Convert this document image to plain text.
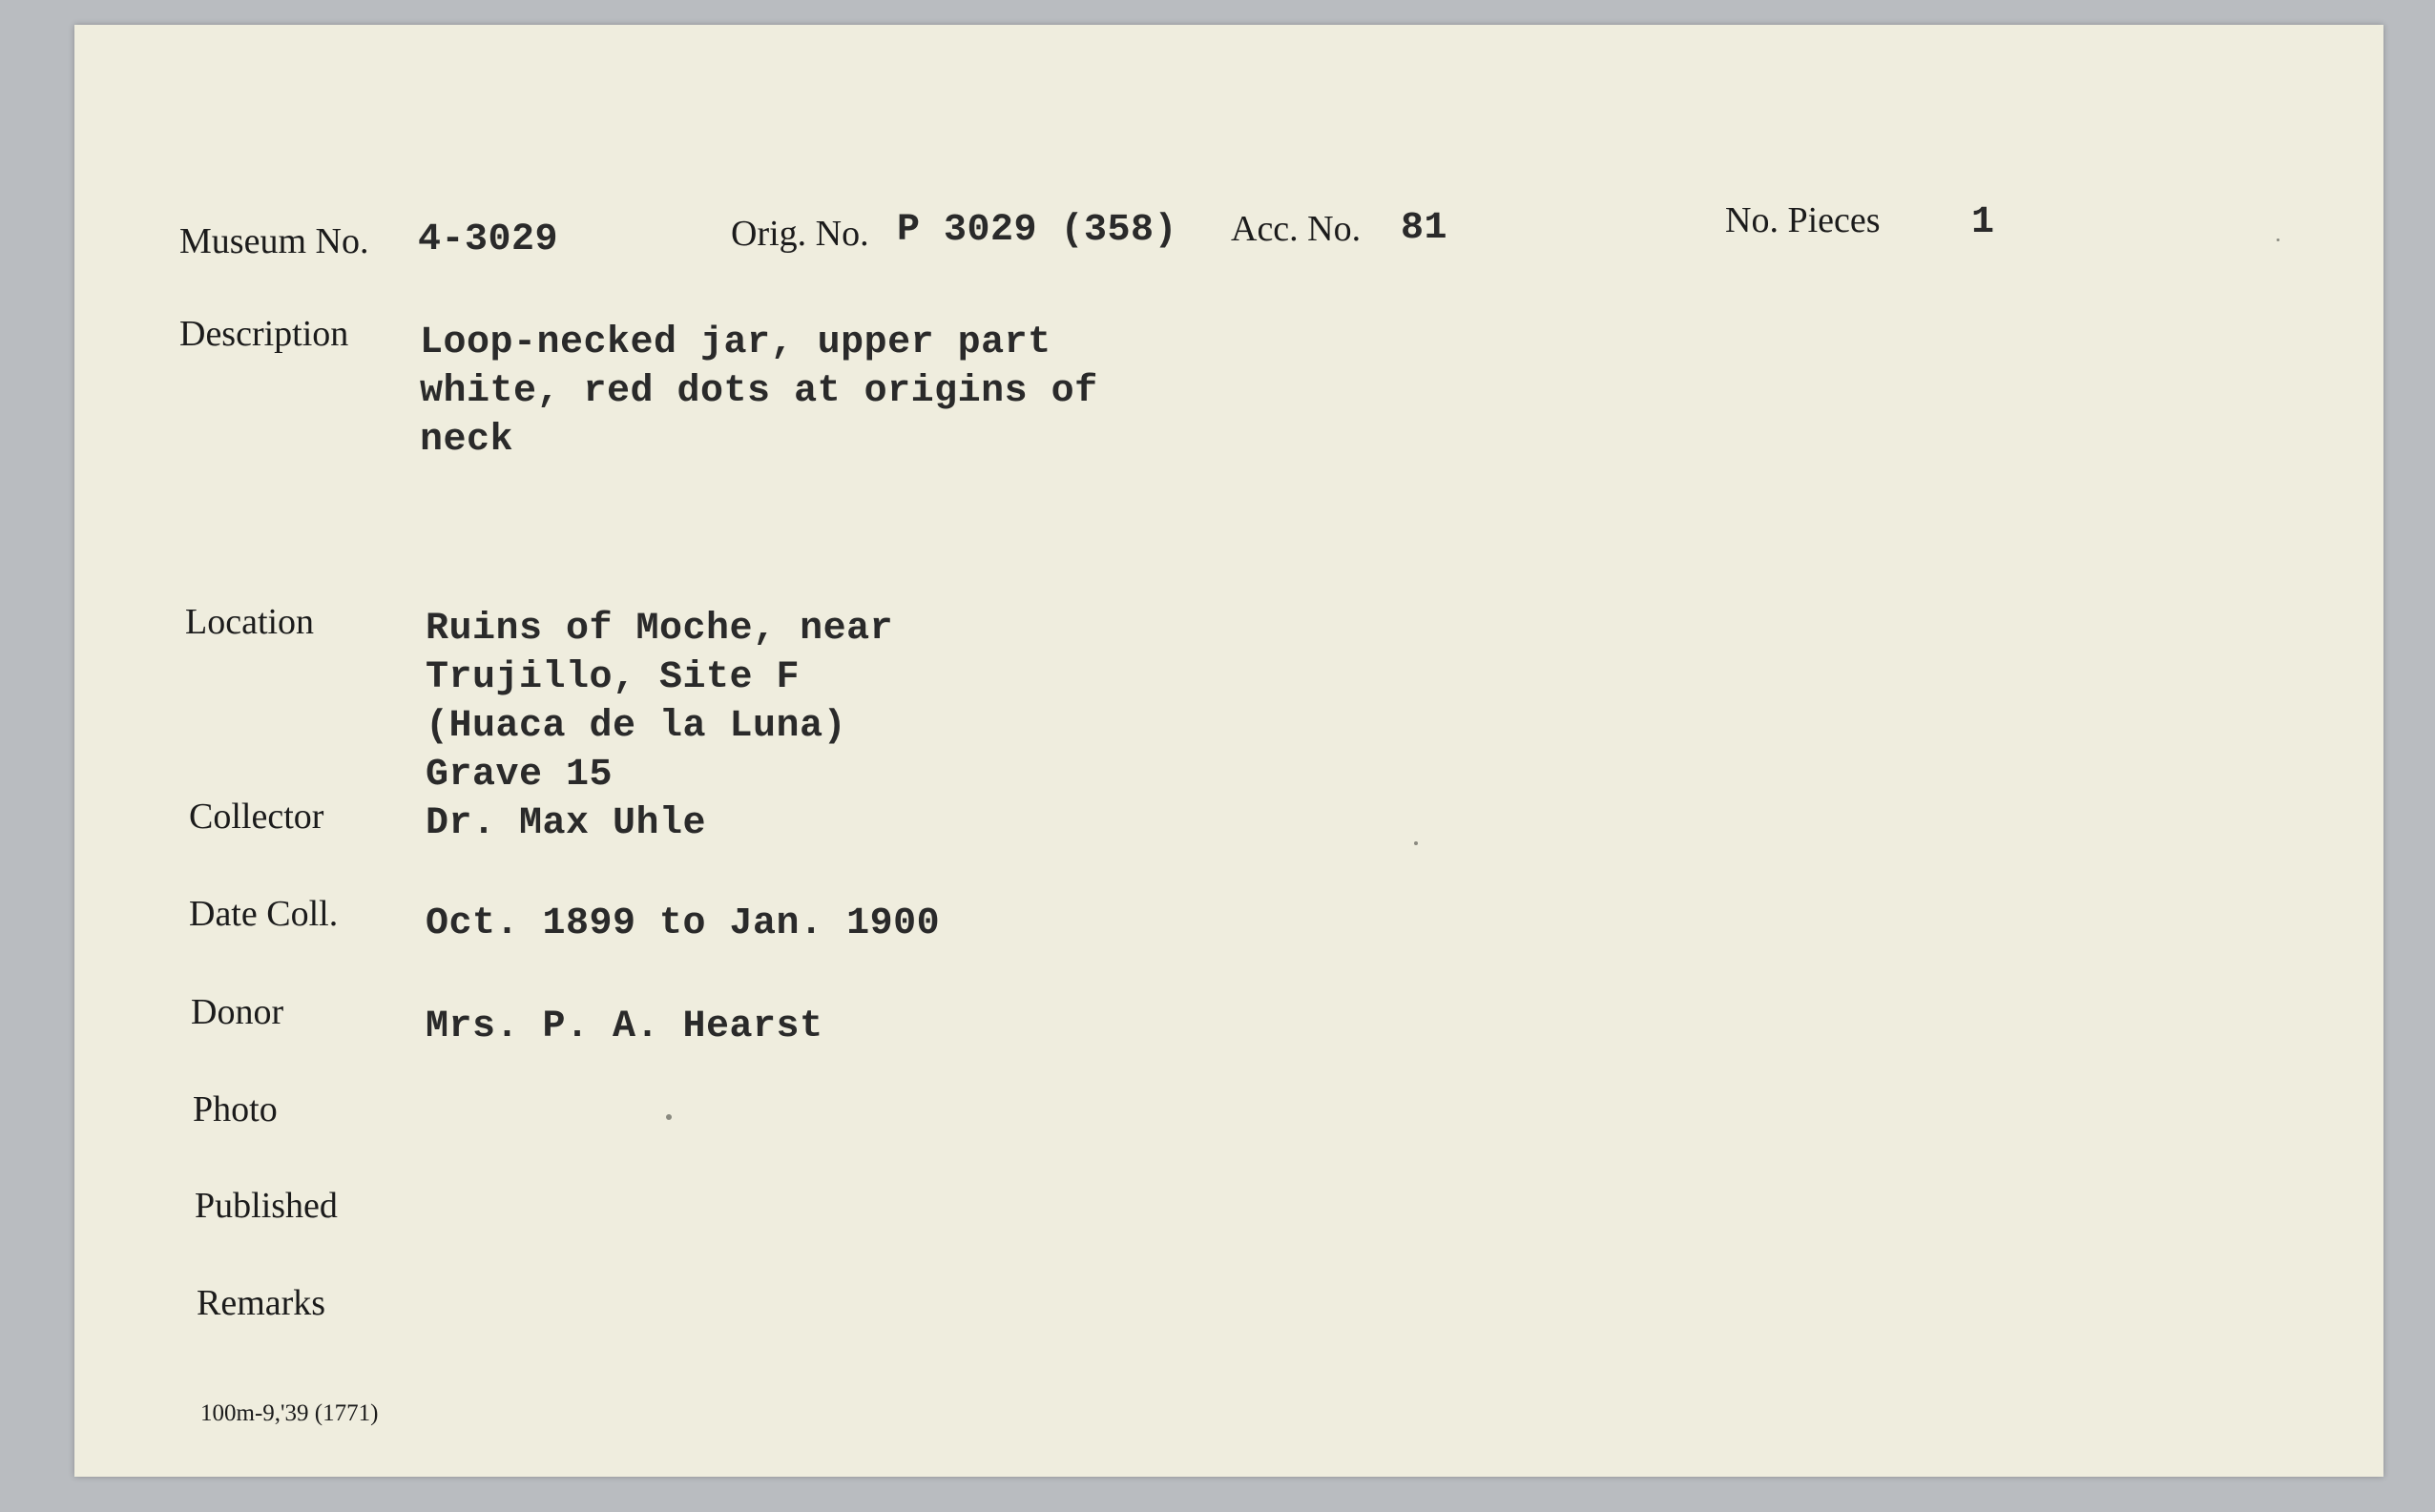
Museum No. 4-3029	Orig. No. P 3029 (358) Acc. No. 81	No. Pieces 1
Description Loop-necked jar, upper part
white, red dots at origins of
neck
Location	Ruins of Moche, near
Trujillo, Site F
(Huaca de la Luna)
Grave 15
Collector	Dr. Max Uhle
Date Coll. Oct. 1899 to Jan. 1900
Donor	Mrs. P. A. Hearst
Photo
Published
Remarks
100m-9,'39 (1771)
